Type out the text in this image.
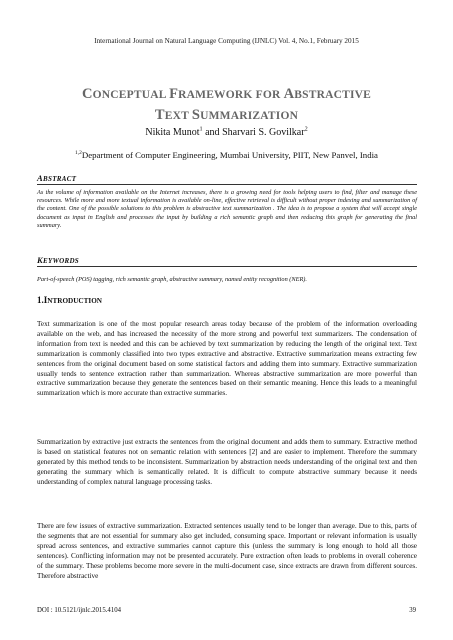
International Journal on Natural Language Computing (IJNLC) Vol. 4, No.1, February 2015
CONCEPTUAL FRAMEWORK FOR ABSTRACTIVE
TEXT SUMMARIZATION
Nikita Munot$^1$ and Sharvari S. Govilkar$^2$
$^{1,2}$Department of Computer Engineering, Mumbai University, PIIT, New Panvel, India
ABSTRACT
As the volume of information available on the Internet increases, there is a growing need for tools helping users to find, filter and manage these resources. While more and more textual information is available on-line, effective retrieval is difficult without proper indexing and summarization of the content. One of the possible solutions to this problem is abstractive text summarization . The idea is to propose a system that will accept single document as input in English and processes the input by building a rich semantic graph and then reducing this graph for generating the final summary.
KEYWORDS
Part-of-speech (POS) tagging, rich semantic graph, abstractive summary, named entity recognition (NER).
1.INTRODUCTION
Text summarization is one of the most popular research areas today because of the problem of the information overloading available on the web, and has increased the necessity of the more strong and powerful text summarizers. The condensation of information from text is needed and this can be achieved by text summarization by reducing the length of the original text. Text summarization is commonly classified into two types extractive and abstractive. Extractive summarization means extracting few sentences from the original document based on some statistical factors and adding them into summary. Extractive summarization usually tends to sentence extraction rather than summarization. Whereas abstractive summarization are more powerful than extractive summarization because they generate the sentences based on their semantic meaning. Hence this leads to a meaningful summarization which is more accurate than extractive summaries.
Summarization by extractive just extracts the sentences from the original document and adds them to summary. Extractive method is based on statistical features not on semantic relation with sentences [2] and are easier to implement. Therefore the summary generated by this method tends to be inconsistent. Summarization by abstraction needs understanding of the original text and then generating the summary which is semantically related. It is difficult to compute abstractive summary because it needs understanding of complex natural language processing tasks.
There are few issues of extractive summarization. Extracted sentences usually tend to be longer than average. Due to this, parts of the segments that are not essential for summary also get included, consuming space. Important or relevant information is usually spread across sentences, and extractive summaries cannot capture this (unless the summary is long enough to hold all those sentences). Conflicting information may not be presented accurately. Pure extraction often leads to problems in overall coherence of the summary. These problems become more severe in the multi-document case, since extracts are drawn from different sources. Therefore abstractive
DOI : 10.5121/ijnlc.2015.4104	39
